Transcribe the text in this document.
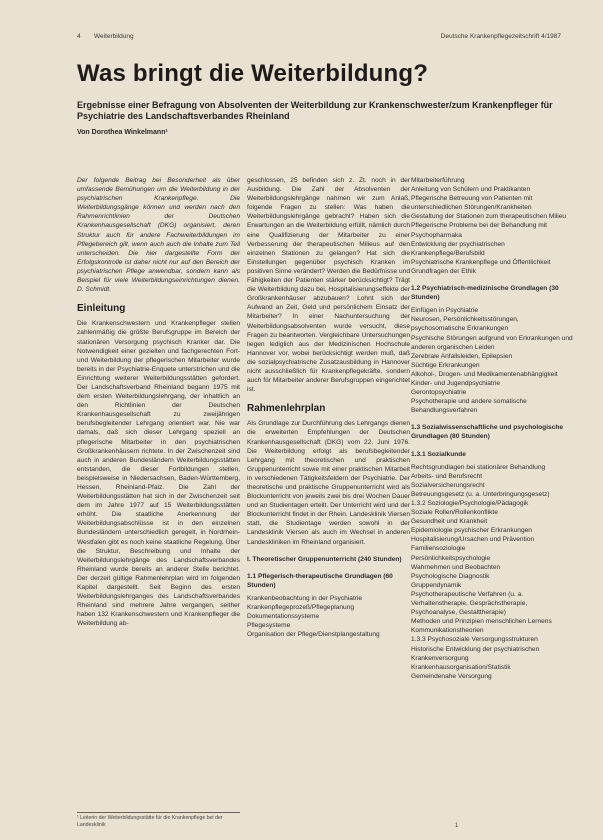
4 Weiterbildung	Deutsche Krankenpflegezeitschrift 4/1987
Was bringt die Weiterbildung?
Ergebnisse einer Befragung von Absolventen der Weiterbildung zur Krankenschwester/zum Krankenpfleger für Psychiatrie des Landschaftsverbandes Rheinland
Von Dorothea Winkelmann¹

Der folgende Beitrag bei Besonderheit als über umfassende Bemühungen um die Weiterbildung in der psychiatrischen Krankenpflege. Die Weiterbildungsgänge können und werden nach den Rahmenrichtlinien der Deutschen Krankenhausgesellschaft (DKG) organisiert, deren Struktur auch für andere Fachweiterbildungen im Pflegebereich gilt, wenn auch auch die Inhalte zum Teil unterscheiden. Die hier dargestellte Form der Erfolgskontrolle ist daher nicht nur auf den Bereich der psychiatrischen Pflege anwendbar, sondern kann als Beispiel für viele Weiterbildungseinrichtungen dienen. D. Schmidt.

Einleitung

Die Krankenschwestern und Krankenpfleger stellen zahlenmäßig die größte Berufsgruppe im Bereich der stationären Versorgung psychisch Kranker dar. Die Notwendigkeit einer gezielten und fachgerechten Fort- und Weiterbildung der pflegerischen Mitarbeiter wurde bereits in der Psychiatrie-Enquete unterstrichen und die Einrichtung weiterer Weiterbildungsstätten gefordert. Der Landschaftsverband Rheinland begann 1975 mit dem ersten Weiterbildungslehrgang, der inhaltlich an den Richtlinien der Deutschen Krankenhausgesellschaft zu zweijährigen berufsbegleitender Lehrgang orientiert war. Nie war damals, daß sich dieser Lehrgang speziell an pflegerische Mitarbeiter in den psychiatrischen Großkrankenhäusern richtete. In der Zwischenzeit sind auch in anderen Bundesländern Weiterbildungsstätten entstanden, die dieser Fortbildungen stellen, beispielsweise in Niedersachsen, Baden-Württemberg, Hessen, Rheinland-Pfalz. Die Zahl der Weiterbildungsstätten hat sich in der Zwischenzeit seit dem im Jahre 1977 auf 15 Weiterbildungsstätten erhöht. Die staatliche Anerkennung der Weiterbildungsabschlüsse ist in den einzelnen Bundesländern unterschiedlich geregelt, in Nordrhein-Westfalen gibt es noch keine staatliche Regelung. Über die Struktur, Beschreibung und Inhalte der Weiterbildungslehrgänge des Landschaftsverbandes Rheinland wurde bereits an anderer Stelle berichtet. Der derzeit gültige Rahmenlehrplan wird im folgenden Kapitel dargestellt. Seit Beginn des ersten Weiterbildungslehrganges des Landschaftsverbandes Rheinland sind mehrere Jahre vergangen, seither haben 132 Krankenschwestern und Krankenpfleger die Weiterbildung ab-

geschlossen, 25 befinden sich z. Zt. noch in der Ausbildung. Die Zahl der Absolventen der Weiterbildungslehrgänge nahmen wir zum Anlaß, folgende Fragen zu stellen: Was haben die Weiterbildungslehrgänge gebracht? Haben sich die Erwartungen an die Weiterbildung erfüllt, nämlich durch eine Qualifizierung der Mitarbeiter zu einer Verbesserung der therapeutischen Milieus auf den einzelnen Stationen zu gelangen? Hat sich die Einstellungen gegenüber psychisch Kranken im positiven Sinne verändert? Werden die Bedürfnisse und Fähigkeiten der Patienten stärker berücksichtigt? Trägt die Weiterbildung dazu bei, Hospitalisierungseffekte der Großkrankenhäuser abzubauen? Lohnt sich der Aufwand an Zeit, Geld und persönlichem Einsatz der Mitarbeiter? In einer Nachuntersuchung der Weiterbildungsabsolventen wurde versucht, diese Fragen zu beantworten. Vergleichbare Untersuchungen liegen lediglich aus der Medizinischen Hochschule Hannover vor, wobei berücksichtigt werden muß, daß die sozialpsychiatrische Zusatzausbildung in Hannover nicht ausschließlich für Krankenpflegekräfte, sondern auch für Mitarbeiter anderer Berufsgruppen eingerichtet ist.

Rahmenlehrplan

Als Grundlage zur Durchführung des Lehrgangs dienen die erweiterten Empfehlungen der Deutschen Krankenhausgesellschaft (DKG) vom 22. Juni 1976. Die Weiterbildung erfolgt als berufsbegleitender Lehrgang mit theoretischen und praktischen Gruppenunterricht sowie mit einer praktischen Mitarbeit in verschiedenen Tätigkeitsfeldern der Psychiatrie. Der theoretische und praktische Gruppenunterricht wird als Blockunterricht von jeweils zwei bis drei Wochen Dauer und an Studientagen erteilt. Der Unterricht wird und der Blockunterricht findet in der Rhein. Landesklinik Viersen statt, die Studientage werden sowohl in der Landesklinik Viersen als auch im Wechsel in anderen Landeskliniken im Rheinland organisiert.

I. Theoretischer Gruppenunterricht (240 Stunden)
1.1 Pflegerisch-therapeutische Grundlagen (60 Stunden)
Krankenbeobachtung in der Psychiatrie
Krankenpflegeprozeß/Pflegeplanung
Dokumentationssysteme
Pflegesysteme
Organisation der Pflege/Dienstplangestaltung
Mitarbeiterführung
Anleitung von Schülern und Praktikanten
Pflegerische Betreuung von Patienten mit unterschiedlichen Störungen/Krankheiten
Gestaltung der Stationen zum therapeutischen Milieu
Pflegerische Probleme bei der Behandlung mit Psychopharmaka
Entwicklung der psychiatrischen Krankenpflege/Berufsbild
Psychiatrische Krankenpflege und Öffentlichkeit
Grundfragen der Ethik
1.2 Psychiatrisch-medizinische Grundlagen (30 Stunden)
Einfügen in Psychiatrie
Neurosen, Persönlichkeitsstörungen, psychosomatische Erkrankungen
Psychische Störungen aufgrund von Erkrankungen und anderen organischen Leiden
Zerebrale Anfallsleiden, Epilepsien
Süchtige Erkrankungen
Alkohol-, Drogen- und Medikamentenabhängigkeit
Kinder- und Jugendpsychiatrie
Gerontopsychiatrie
Psychotherapie und andere somatische Behandlungsverfahren
1.3 Sozialwissenschaftliche und psychologische Grundlagen (80 Stunden)
1.3.1 Sozialkunde
Rechtsgrundlagen bei stationärer Behandlung
Arbeits- und Berufsrecht
Sozialversicherungsrecht
Betreuungsgesetz (u. a. Unterbringungsgesetz)
1.3.2 Soziologie/Psychologie/Pädagogik
Soziale Rollen/Rollenkonflikte
Gesundheit und Krankheit
Epidemiologie psychischer Erkrankungen
Hospitalisierung/Ursachen und Prävention
Familiensoziologie
Persönlichkeitspsychologie
Wahrnehmen und Beobachten
Psychologische Diagnostik
Gruppendynamik
Psychotherapeutische Verfahren (u. a. Verhaltenstherapie, Gesprächstherapie, Psychoanalyse, Gestalttherapie)
Methoden und Prinzipien menschlichen Lernens
Kommunikationstheorien
1.3.3 Psychosoziale Versorgungsstrukturen
Historische Entwicklung der psychiatrischen Krankenversorgung
Krankenhausorganisation/Statistik
Gemeindenahe Versorgung
¹ Leiterin der Weiterbildungsstätte für die Krankenpflege bei der Landesklinik	1
